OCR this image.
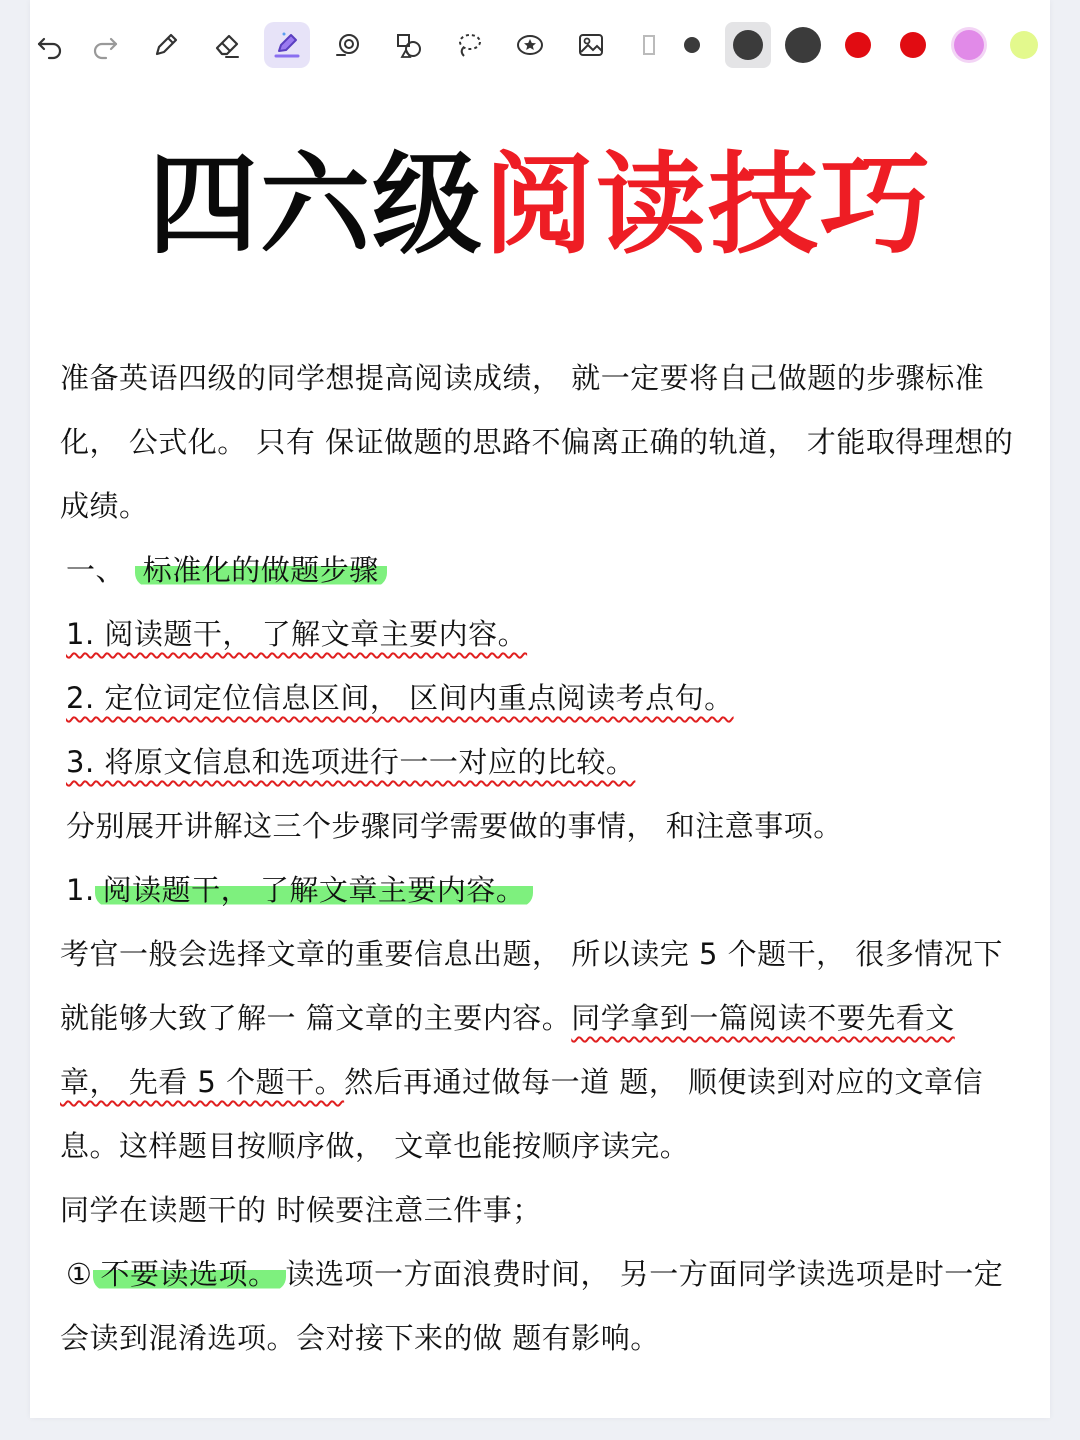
四六级阅读技巧
准备英语四级的同学想提高阅读成绩， 就一定要将自己做题的步骤标准
化， 公式化。 只有 保证做题的思路不偏离正确的轨道， 才能取得理想的
成绩。
一、 标准化的做题步骤
1. 阅读题干， 了解文章主要内容。
2. 定位词定位信息区间， 区间内重点阅读考点句。
3. 将原文信息和选项进行一一对应的比较。
分别展开讲解这三个步骤同学需要做的事情， 和注意事项。
1. 阅读题干， 了解文章主要内容。
考官一般会选择文章的重要信息出题， 所以读完 5 个题干， 很多情况下
就能够大致了解一 篇文章的主要内容。同学拿到一篇阅读不要先看文
章， 先看 5 个题干。然后再通过做每一道 题， 顺便读到对应的文章信
息。这样题目按顺序做， 文章也能按顺序读完。
同学在读题干的 时候要注意三件事；
① 不要读选项。 读选项一方面浪费时间， 另一方面同学读选项是时一定
会读到混淆选项。会对接下来的做 题有影响。
